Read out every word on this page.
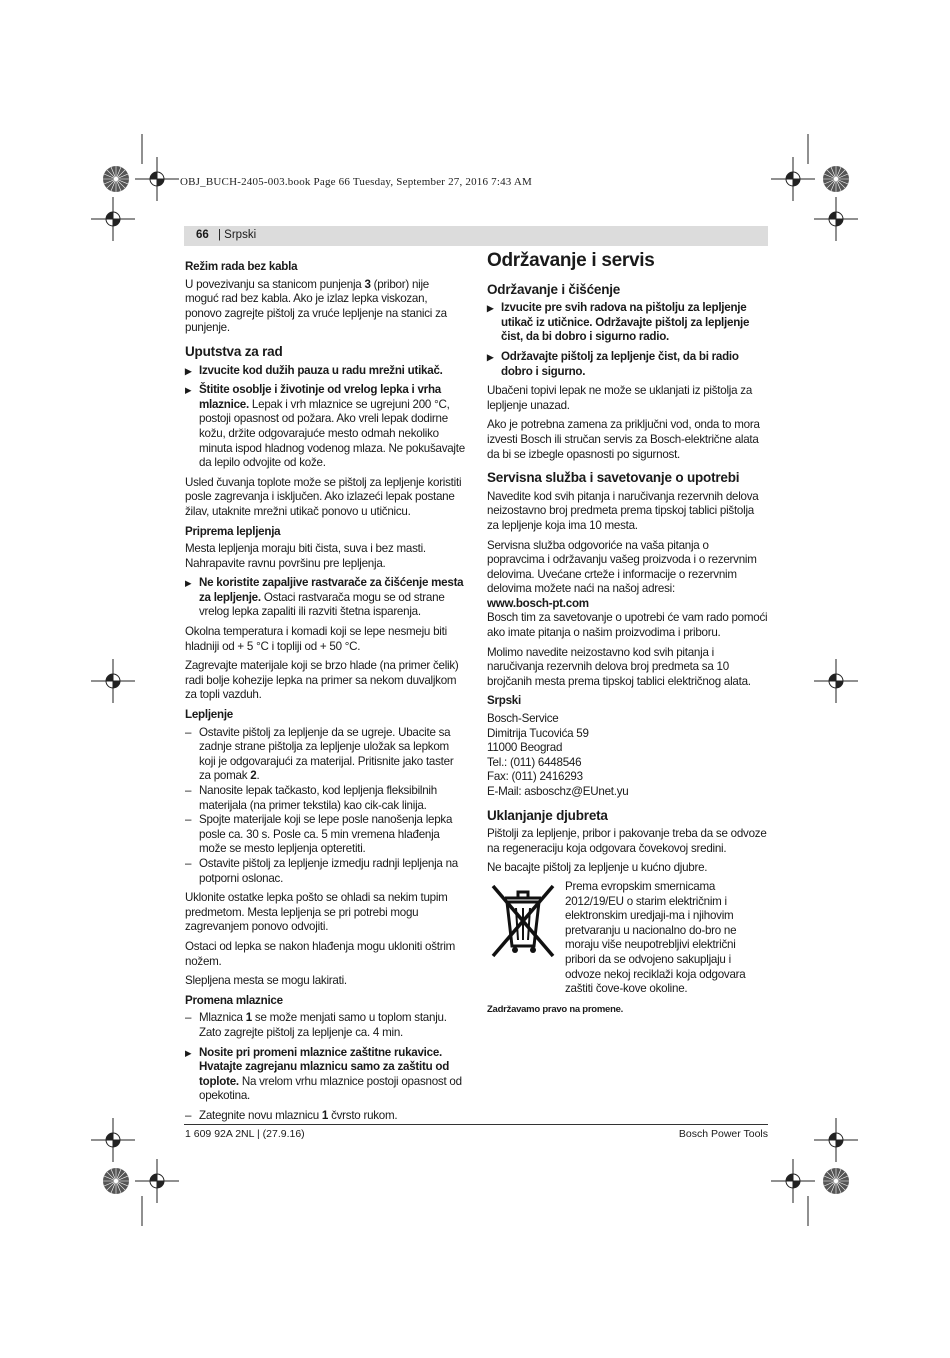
OBJ_BUCH-2405-003.book Page 66 Tuesday, September 27, 2016 7:43 AM
66 | Srpski
Režim rada bez kabla

U povezivanju sa stanicom punjenja 3 (pribor) nije moguć rad bez kabla. Ako je izlaz lepka viskozan, ponovo zagrejte pištolj za vruće lepljenje na stanici za punjenje.

Uputstva za rad
▶ Izvucite kod dužih pauza u radu mrežni utikač.
▶ Štitite osoblje i životinje od vrelog lepka i vrha mlaznice. Lepak i vrh mlaznice se ugrejuni 200 °C, postoji opasnost od požara. Ako vreli lepak dodirne kožu, držite odgovarajuće mesto odmah nekoliko minuta ispod hladnog vodenog mlaza. Ne pokušavajte da lepilo odvojite od kože.

Usled čuvanja toplote može se pištolj za lepljenje koristiti posle zagrevanja i isključen. Ako izlazeći lepak postane žilav, utaknite mrežni utikač ponovo u utičnicu.

Priprema lepljenja

Mesta lepljenja moraju biti čista, suva i bez masti. Nahrapavite ravnu površinu pre lepljenja.

▶ Ne koristite zapaljive rastvarače za čišćenje mesta za lepljenje. Ostaci rastvarača mogu se od strane vrelog lepka zapaliti ili razviti štetna isparenja.

Okolna temperatura i komadi koji se lepe nesmeju biti hladniji od + 5 °C i topliji od + 50 °C.

Zagrevajte materijale koji se brzo hlade (na primer čelik) radi bolje kohezije lepka na primer sa nekom duvaljkom za topli vazduh.

Lepljenje
– Ostavite pištolj za lepljenje da se ugreje. Ubacite sa zadnje strane pištolja za lepljenje uložak sa lepkom koji je odgovarajući za materijal. Pritisnite jako taster za pomak 2.
– Nanosite lepak tačkasto, kod lepljenja fleksibilnih materijala (na primer tekstila) kao cik-cak linija.
– Spojte materijale koji se lepe posle nanošenja lepka posle ca. 30 s. Posle ca. 5 min vremena hlađenja može se mesto lepljenja opteretiti.
– Ostavite pištolj za lepljenje izmedju radnji lepljenja na potporni oslonac.

Uklonite ostatke lepka pošto se ohladi sa nekim tupim predmetom. Mesta lepljenja se pri potrebi mogu zagrevanjem ponovo odvojiti.

Ostaci od lepka se nakon hlađenja mogu ukloniti oštrim nožem.

Slepljena mesta se mogu lakirati.

Promena mlaznice
– Mlaznica 1 se može menjati samo u toplom stanju. Zato zagrejte pištolj za lepljenje ca. 4 min.
▶ Nosite pri promeni mlaznice zaštitne rukavice. Hvatajte zagrejanu mlaznicu samo za zaštitu od toplote. Na vrelom vrhu mlaznice postoji opasnost od opekotina.
– Zategnite novu mlaznicu 1 čvrsto rukom.
Održavanje i servis
Održavanje i čišćenje
▶ Izvucite pre svih radova na pištolju za lepljenje utikač iz utičnice. Održavajte pištolj za lepljenje čist, da bi dobro i sigurno radio.
▶ Održavajte pištolj za lepljenje čist, da bi radio dobro i sigurno.

Ubačeni topivi lepak ne može se uklanjati iz pištolja za lepljenje unazad.

Ako je potrebna zamena za priključni vod, onda to mora izvesti Bosch ili stručan servis za Bosch-električne alata da bi se izbegle opasnosti po sigurnost.

Servisna služba i savetovanje o upotrebi

Navedite kod svih pitanja i naručivanja rezervnih delova neizostavno broj predmeta prema tipskoj tablici pištolja za lepljenje koja ima 10 mesta.

Servisna služba odgovoriće na vaša pitanja o popravcima i održavanju vašeg proizvoda i o rezervnim delovima. Uvećane crteže i informacije o rezervnim delovima možete naći na našoj adresi:

www.bosch-pt.com

Bosch tim za savetovanje o upotrebi će vam rado pomoći ako imate pitanja o našim proizvodima i priboru.

Molimo navedite neizostavno kod svih pitanja i naručivanja rezervnih delova broj predmeta sa 10 brojčanih mesta prema tipskoj tablici električnog alata.

Srpski

Bosch-Service

Dimitrija Tucovića 59

11000 Beograd

Tel.: (011) 6448546

Fax: (011) 2416293

E-Mail: asboschz@EUnet.yu

Uklanjanje djubreta

Pištolji za lepljenje, pribor i pakovanje treba da se odvoze na regeneraciju koja odgovara čovekovoj sredini.

Ne bacajte pištolj za lepljenje u kućno djubre.

Prema evropskim smernicama 2012/19/EU o starim električnim i elektronskim uredjaji-ma i njihovim pretvaranju u nacionalno do-bro ne moraju više neupotrebljivi električni pribori da se odvojeno sakupljaju i odvoze nekoj reciklaži koja odgovara zaštiti čove-kove okoline.
Zadržavamo pravo na promene.
1 609 92A 2NL | (27.9.16)	Bosch Power Tools
